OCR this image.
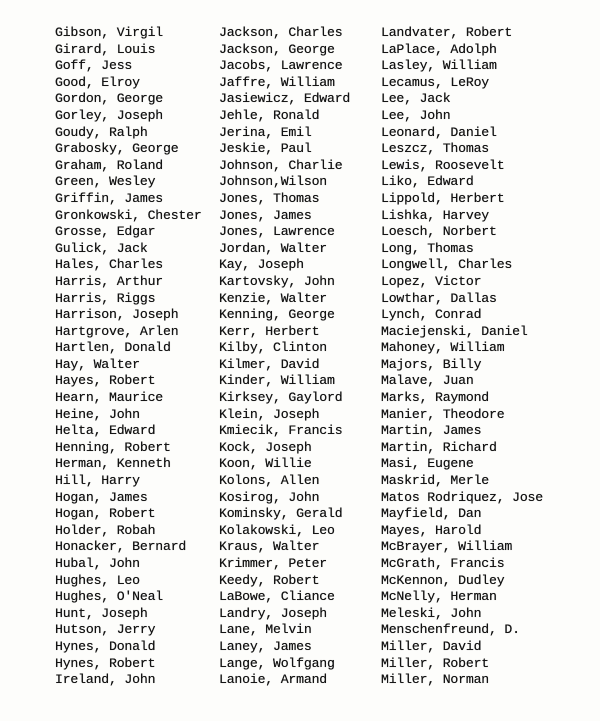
Gibson, Virgil
Girard, Louis
Goff, Jess
Good, Elroy
Gordon, George
Gorley, Joseph
Goudy, Ralph
Grabosky, George
Graham, Roland
Green, Wesley
Griffin, James
Gronkowski, Chester
Grosse, Edgar
Gulick, Jack
Hales, Charles
Harris, Arthur
Harris, Riggs
Harrison, Joseph
Hartgrove, Arlen
Hartlen, Donald
Hay, Walter
Hayes, Robert
Hearn, Maurice
Heine, John
Helta, Edward
Henning, Robert
Herman, Kenneth
Hill, Harry
Hogan, James
Hogan, Robert
Holder, Robah
Honacker, Bernard
Hubal, John
Hughes, Leo
Hughes, O'Neal
Hunt, Joseph
Hutson, Jerry
Hynes, Donald
Hynes, Robert
Ireland, John
Jackson, Charles
Jackson, George
Jacobs, Lawrence
Jaffre, William
Jasiewicz, Edward
Jehle, Ronald
Jerina, Emil
Jeskie, Paul
Johnson, Charlie
Johnson,Wilson
Jones, Thomas
Jones, James
Jones, Lawrence
Jordan, Walter
Kay, Joseph
Kartovsky, John
Kenzie, Walter
Kenning, George
Kerr, Herbert
Kilby, Clinton
Kilmer, David
Kinder, William
Kirksey, Gaylord
Klein, Joseph
Kmiecik, Francis
Kock, Joseph
Koon, Willie
Kolons, Allen
Kosirog, John
Kominsky, Gerald
Kolakowski, Leo
Kraus, Walter
Krimmer, Peter
Keedy, Robert
LaBowe, Cliance
Landry, Joseph
Lane, Melvin
Laney, James
Lange, Wolfgang
Lanoie, Armand
Landvater, Robert
LaPlace, Adolph
Lasley, William
Lecamus, LeRoy
Lee, Jack
Lee, John
Leonard, Daniel
Leszcz, Thomas
Lewis, Roosevelt
Liko, Edward
Lippold, Herbert
Lishka, Harvey
Loesch, Norbert
Long, Thomas
Longwell, Charles
Lopez, Victor
Lowthar, Dallas
Lynch, Conrad
Maciejenski, Daniel
Mahoney, William
Majors, Billy
Malave, Juan
Marks, Raymond
Manier, Theodore
Martin, James
Martin, Richard
Masi, Eugene
Maskrid, Merle
Matos Rodriquez, Jose
Mayfield, Dan
Mayes, Harold
McBrayer, William
McGrath, Francis
McKennon, Dudley
McNelly, Herman
Meleski, John
Menschenfreund, D.
Miller, David
Miller, Robert
Miller, Norman
